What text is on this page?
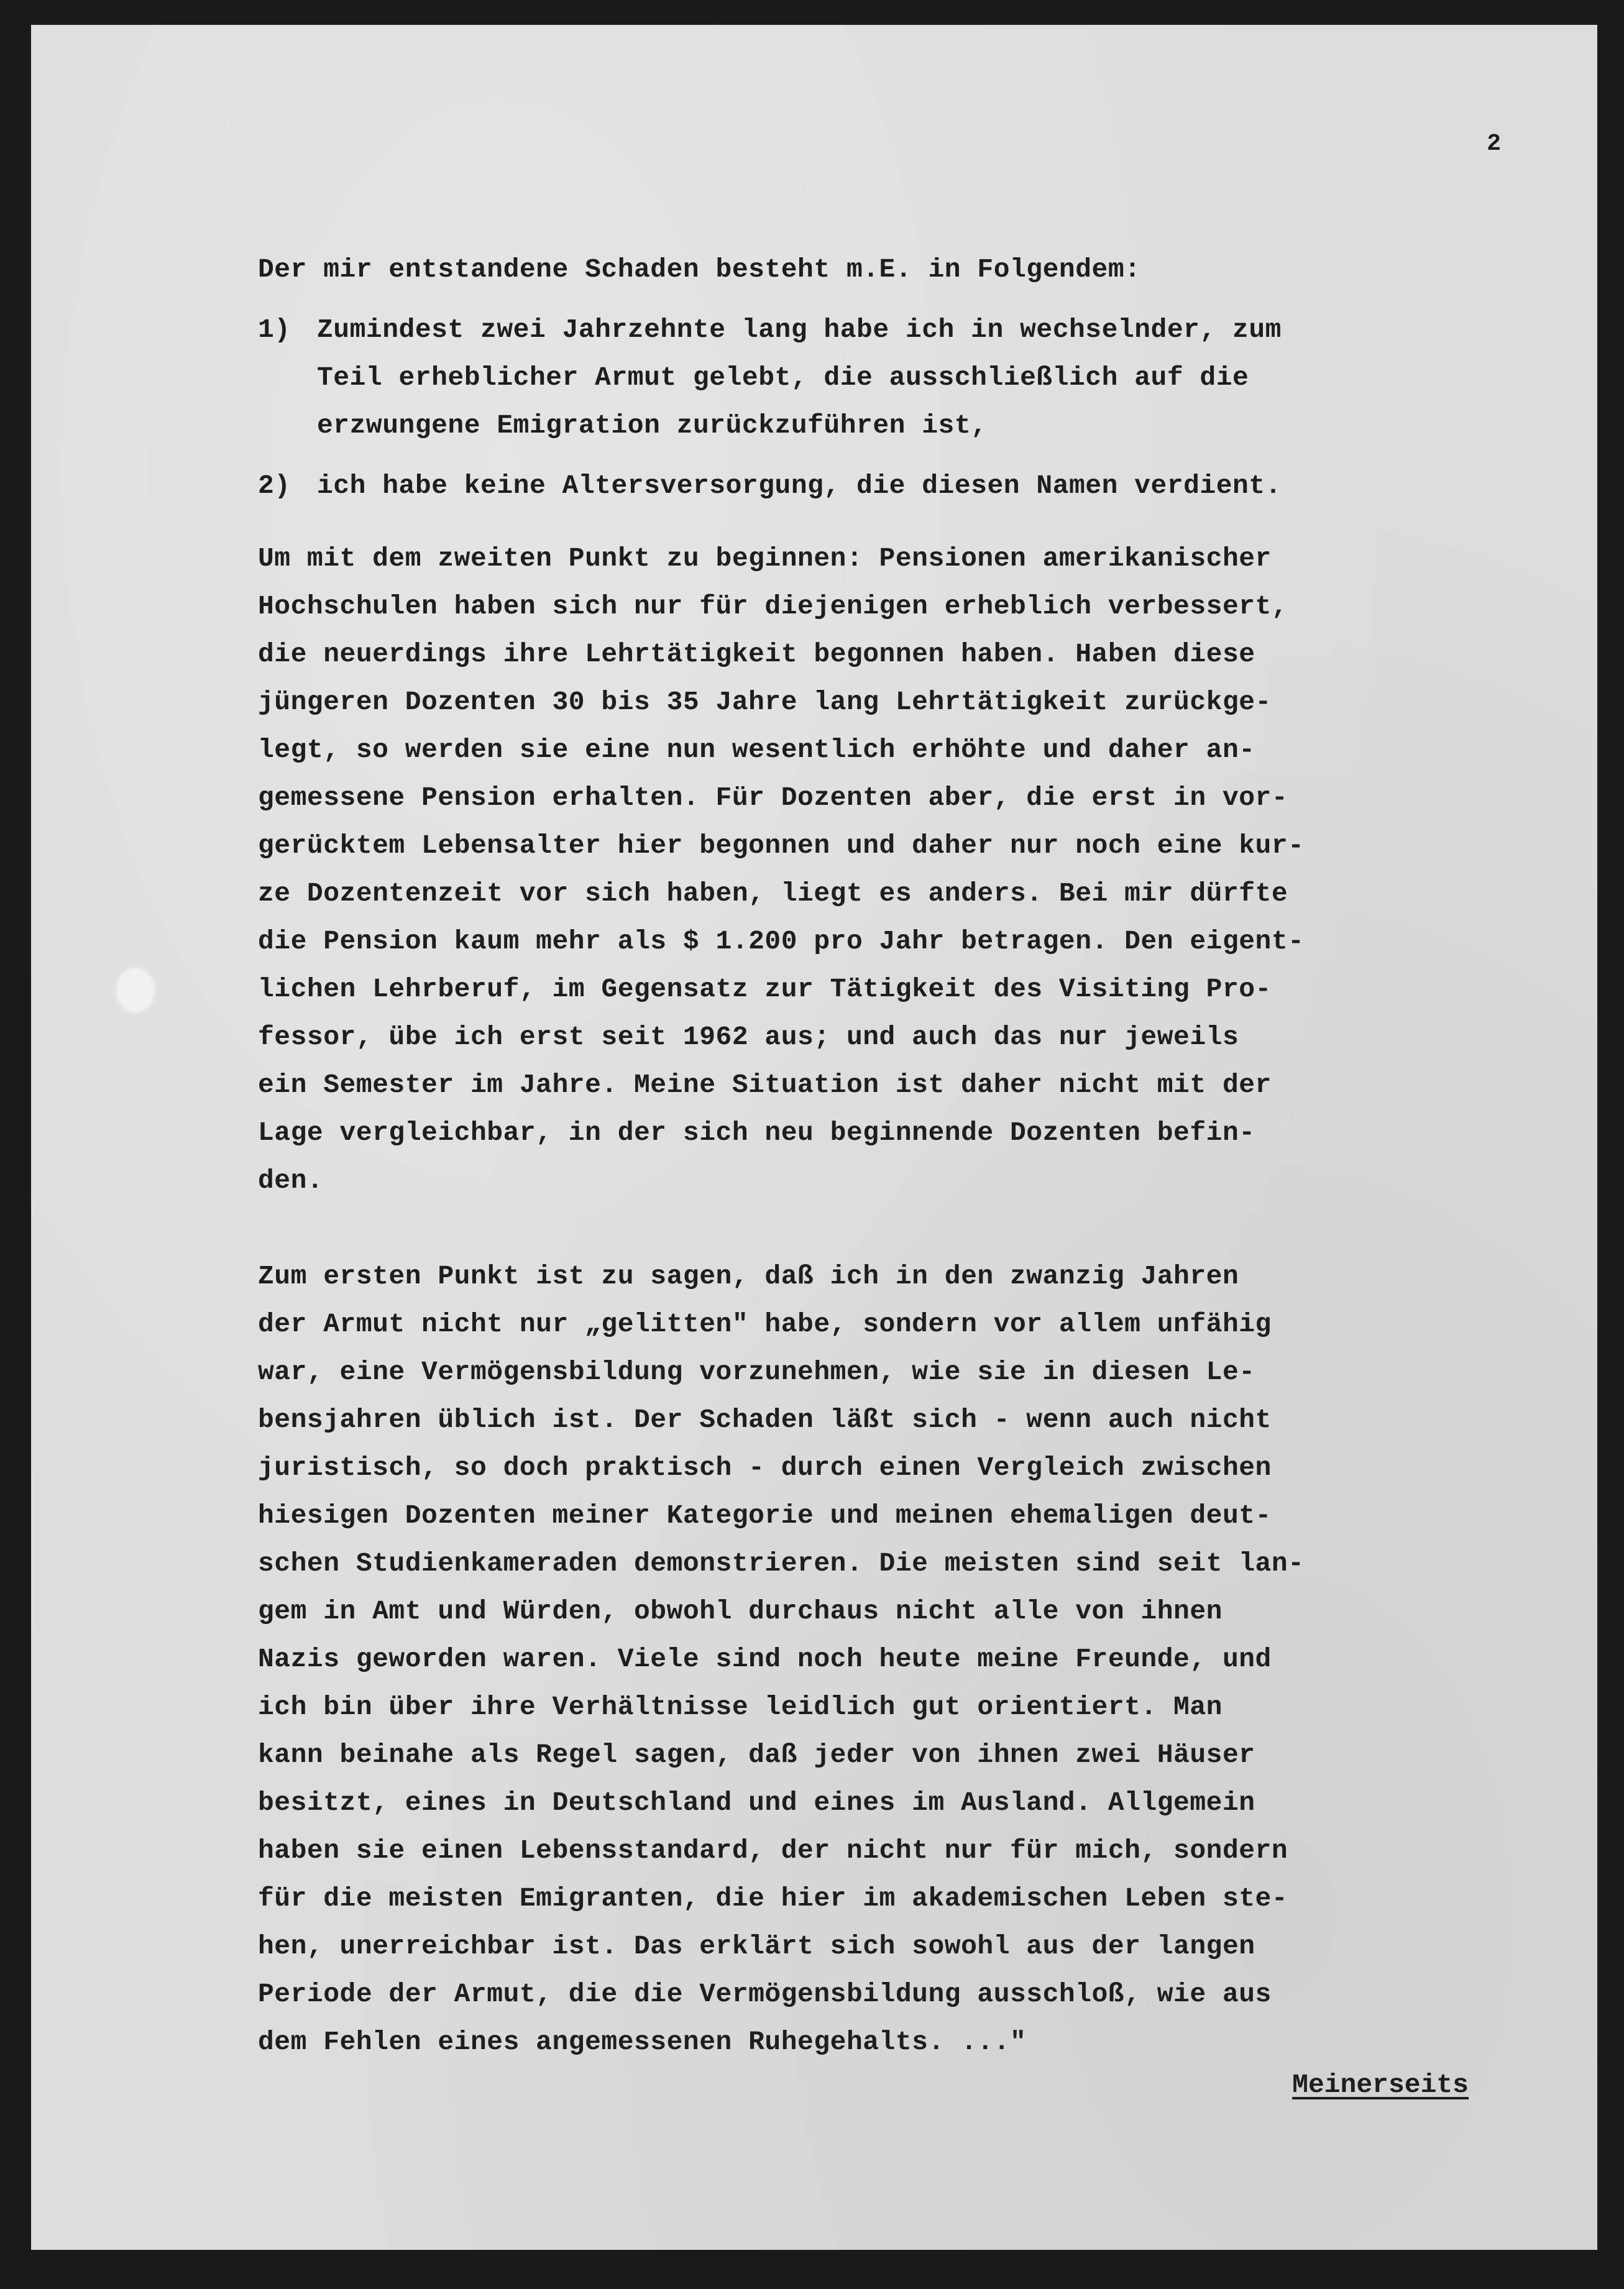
2
Der mir entstandene Schaden besteht m.E. in Folgendem:
1) Zumindest zwei Jahrzehnte lang habe ich in wechselnder, zum
Teil erheblicher Armut gelebt, die ausschließlich auf die
erzwungene Emigration zurückzuführen ist,
2) ich habe keine Altersversorgung, die diesen Namen verdient.
Um mit dem zweiten Punkt zu beginnen: Pensionen amerikanischer
Hochschulen haben sich nur für diejenigen erheblich verbessert,
die neuerdings ihre Lehrtätigkeit begonnen haben. Haben diese
jüngeren Dozenten 30 bis 35 Jahre lang Lehrtätigkeit zurückge-
legt, so werden sie eine nun wesentlich erhöhte und daher an-
gemessene Pension erhalten. Für Dozenten aber, die erst in vor-
gerücktem Lebensalter hier begonnen und daher nur noch eine kur-
ze Dozentenzeit vor sich haben, liegt es anders. Bei mir dürfte
die Pension kaum mehr als $ 1.200 pro Jahr betragen. Den eigent-
lichen Lehrberuf, im Gegensatz zur Tätigkeit des Visiting Pro-
fessor, übe ich erst seit 1962 aus; und auch das nur jeweils
ein Semester im Jahre. Meine Situation ist daher nicht mit der
Lage vergleichbar, in der sich neu beginnende Dozenten befin-
den.
Zum ersten Punkt ist zu sagen, daß ich in den zwanzig Jahren
der Armut nicht nur „gelitten" habe, sondern vor allem unfähig
war, eine Vermögensbildung vorzunehmen, wie sie in diesen Le-
bensjahren üblich ist. Der Schaden läßt sich - wenn auch nicht
juristisch, so doch praktisch - durch einen Vergleich zwischen
hiesigen Dozenten meiner Kategorie und meinen ehemaligen deut-
schen Studienkameraden demonstrieren. Die meisten sind seit lan-
gem in Amt und Würden, obwohl durchaus nicht alle von ihnen
Nazis geworden waren. Viele sind noch heute meine Freunde, und
ich bin über ihre Verhältnisse leidlich gut orientiert. Man
kann beinahe als Regel sagen, daß jeder von ihnen zwei Häuser
besitzt, eines in Deutschland und eines im Ausland. Allgemein
haben sie einen Lebensstandard, der nicht nur für mich, sondern
für die meisten Emigranten, die hier im akademischen Leben ste-
hen, unerreichbar ist. Das erklärt sich sowohl aus der langen
Periode der Armut, die die Vermögensbildung ausschloß, wie aus
dem Fehlen eines angemessenen Ruhegehalts. ..."
Meinerseits
